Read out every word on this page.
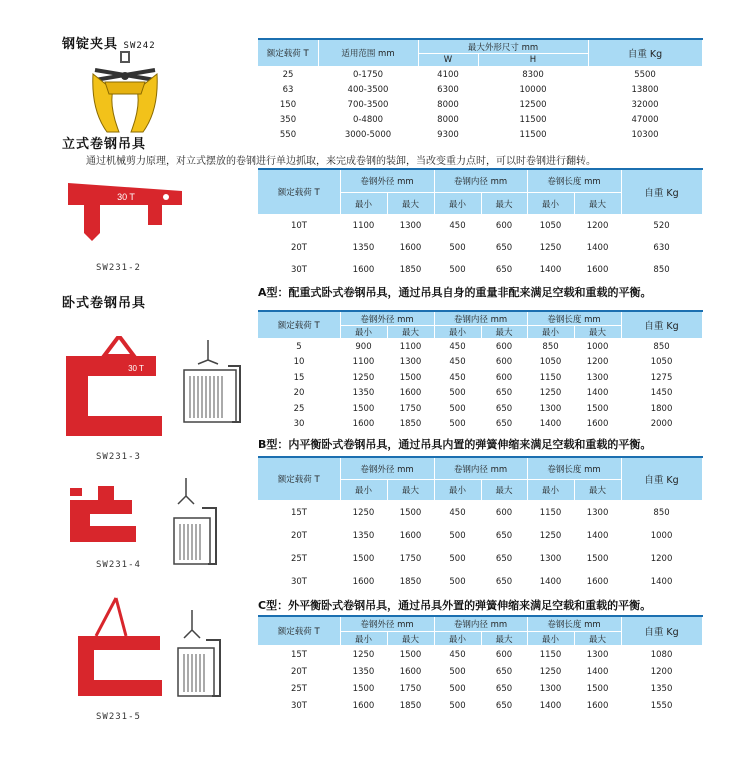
钢锭夹具 SW242
额定载荷 T	适用范围 mm	最大外形尺寸 mm		自重 Kg
		W	H	
25	0-1750	4100	8300	5500
63	400-3500	6300	10000	13800
150	700-3500	8000	12500	32000
350	0-4800	8000	11500	47000
550	3000-5000	9300	11500	10300
立式卷钢吊具
通过机械剪力原理，对立式摆放的卷钢进行单边抓取，来完成卷钢的装卸，当改变重力点时，可以时卷钢进行翻转。
30 T
SW231-2
额定载荷 T	卷钢外径 mm		卷钢内径 mm		卷钢长度 mm		自重 Kg
	最小	最大	最小	最大	最小	最大	
10T	1100	1300	450	600	1050	1200	520
20T	1350	1600	500	650	1250	1400	630
30T	1600	1850	500	650	1400	1600	850
卧式卷钢吊具
A型：配重式卧式卷钢吊具，通过吊具自身的重量非配来满足空载和重载的平衡。
30 T
SW231-3
额定载荷 T	卷钢外径 mm		卷钢内径 mm		卷钢长度 mm		自重 Kg
	最小	最大	最小	最大	最小	最大	
5	900	1100	450	600	850	1000	850
10	1100	1300	450	600	1050	1200	1050
15	1250	1500	450	600	1150	1300	1275
20	1350	1600	500	650	1250	1400	1450
25	1500	1750	500	650	1300	1500	1800
30	1600	1850	500	650	1400	1600	2000
B型：内平衡卧式卷钢吊具，通过吊具内置的弹簧伸缩来满足空载和重载的平衡。
SW231-4
额定载荷 T	卷钢外径 mm		卷钢内径 mm		卷钢长度 mm		自重 Kg
	最小	最大	最小	最大	最小	最大	
15T	1250	1500	450	600	1150	1300	850
20T	1350	1600	500	650	1250	1400	1000
25T	1500	1750	500	650	1300	1500	1200
30T	1600	1850	500	650	1400	1600	1400
C型：外平衡卧式卷钢吊具，通过吊具外置的弹簧伸缩来满足空载和重载的平衡。
SW231-5
额定载荷 T	卷钢外径 mm		卷钢内径 mm		卷钢长度 mm		自重 Kg
	最小	最大	最小	最大	最小	最大	
15T	1250	1500	450	600	1150	1300	1080
20T	1350	1600	500	650	1250	1400	1200
25T	1500	1750	500	650	1300	1500	1350
30T	1600	1850	500	650	1400	1600	1550
